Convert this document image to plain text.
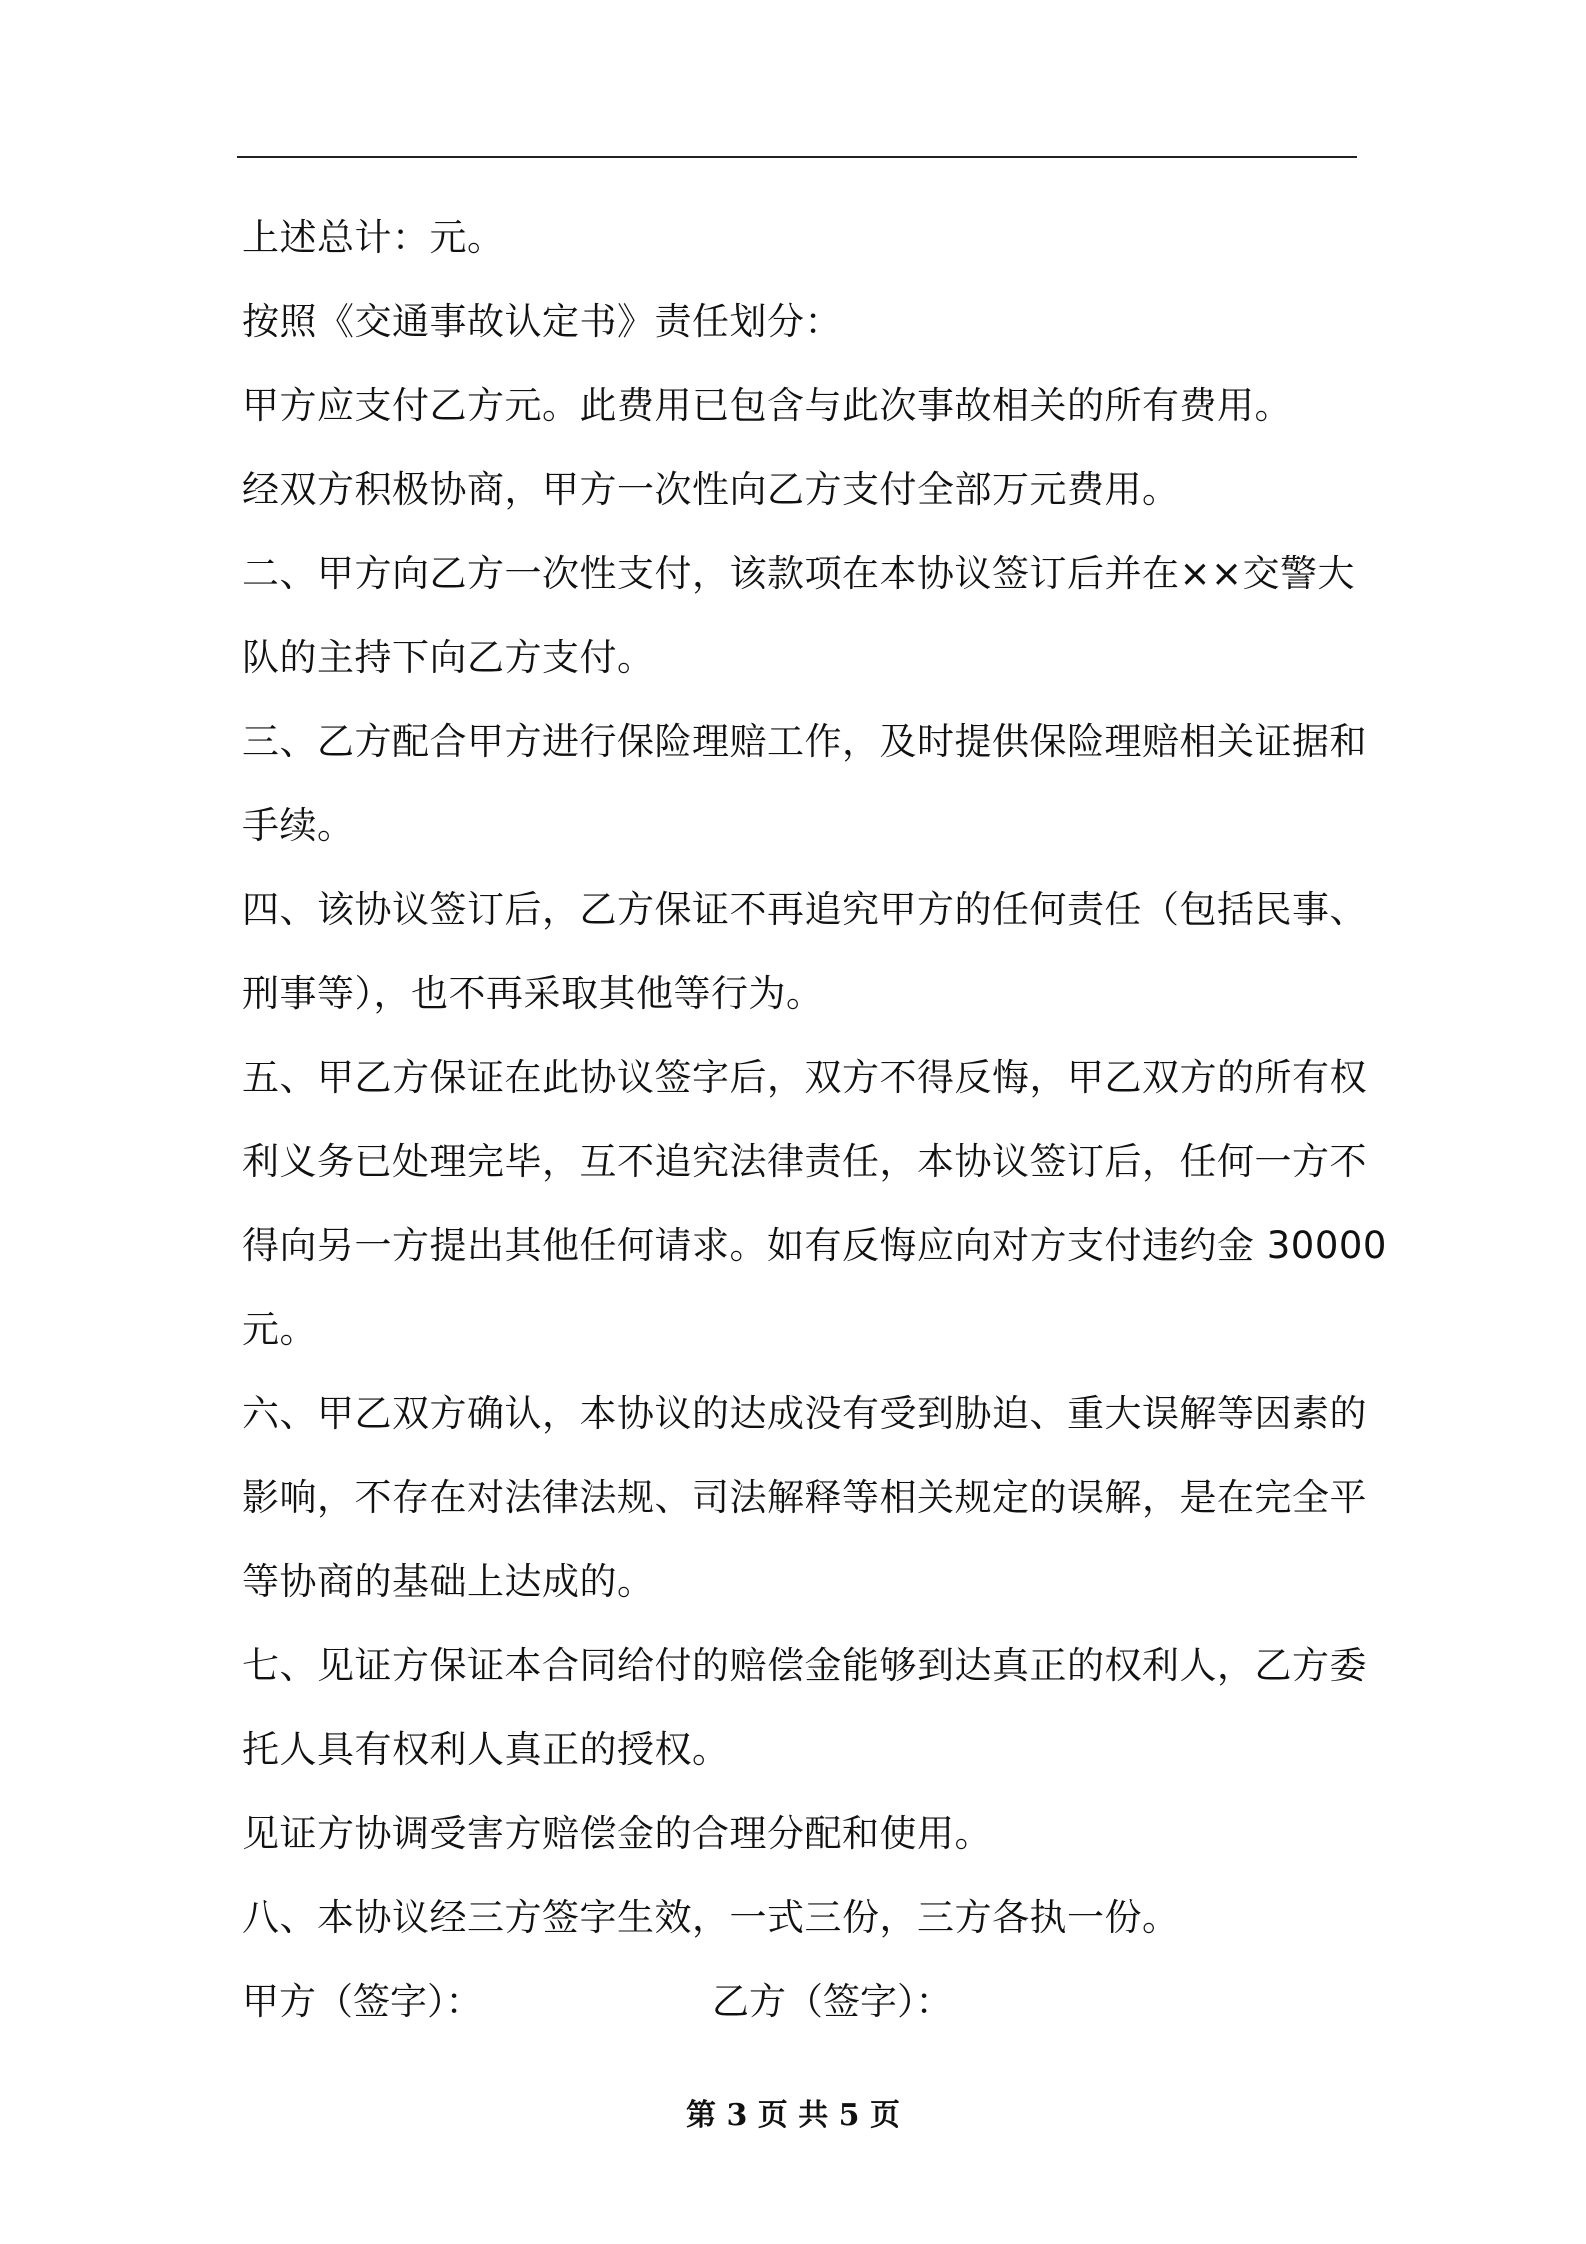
上述总计：元。
按照《交通事故认定书》责任划分：
甲方应支付乙方元。此费用已包含与此次事故相关的所有费用。
经双方积极协商，甲方一次性向乙方支付全部万元费用。
二、甲方向乙方一次性支付，该款项在本协议签订后并在××交警大
队的主持下向乙方支付。
三、乙方配合甲方进行保险理赔工作，及时提供保险理赔相关证据和
手续。
四、该协议签订后，乙方保证不再追究甲方的任何责任（包括民事、
刑事等），也不再采取其他等行为。
五、甲乙方保证在此协议签字后，双方不得反悔，甲乙双方的所有权
利义务已处理完毕，互不追究法律责任，本协议签订后，任何一方不
得向另一方提出其他任何请求。如有反悔应向对方支付违约金 30000
元。
六、甲乙双方确认，本协议的达成没有受到胁迫、重大误解等因素的
影响，不存在对法律法规、司法解释等相关规定的误解，是在完全平
等协商的基础上达成的。
七、见证方保证本合同给付的赔偿金能够到达真正的权利人，乙方委
托人具有权利人真正的授权。
见证方协调受害方赔偿金的合理分配和使用。
八、本协议经三方签字生效，一式三份，三方各执一份。
甲方（签字）：	乙方（签字）：
第 3 页 共 5 页
